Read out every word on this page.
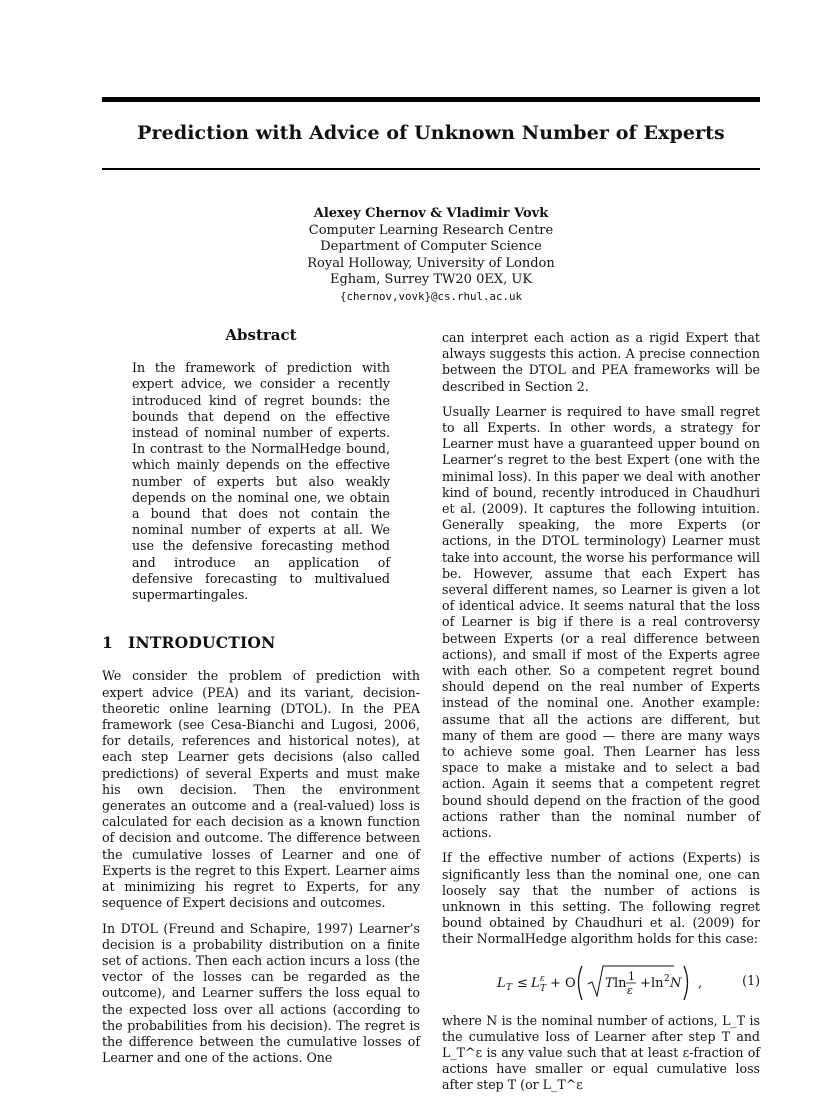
Prediction with Advice of Unknown Number of Experts
Alexey Chernov & Vladimir Vovk
Computer Learning Research Centre
Department of Computer Science
Royal Holloway, University of London
Egham, Surrey TW20 0EX, UK
{chernov,vovk}@cs.rhul.ac.uk
Abstract
In the framework of prediction with expert advice, we consider a recently introduced kind of regret bounds: the bounds that depend on the effective instead of nominal number of experts. In contrast to the NormalHedge bound, which mainly depends on the effective number of experts but also weakly depends on the nominal one, we obtain a bound that does not contain the nominal number of experts at all. We use the defensive forecasting method and introduce an application of defensive forecasting to multivalued supermartingales.
1 INTRODUCTION

We consider the problem of prediction with expert advice (PEA) and its variant, decision-theoretic online learning (DTOL). In the PEA framework (see Cesa-Bianchi and Lugosi, 2006, for details, references and historical notes), at each step Learner gets decisions (also called predictions) of several Experts and must make his own decision. Then the environment generates an outcome and a (real-valued) loss is calculated for each decision as a known function of decision and outcome. The difference between the cumulative losses of Learner and one of Experts is the regret to this Expert. Learner aims at minimizing his regret to Experts, for any sequence of Expert decisions and outcomes.

In DTOL (Freund and Schapire, 1997) Learner’s decision is a probability distribution on a finite set of actions. Then each action incurs a loss (the vector of the losses can be regarded as the outcome), and Learner suffers the loss equal to the expected loss over all actions (according to the probabilities from his decision). The regret is the difference between the cumulative losses of Learner and one of the actions. One

can interpret each action as a rigid Expert that always suggests this action. A precise connection between the DTOL and PEA frameworks will be described in Section 2.

Usually Learner is required to have small regret to all Experts. In other words, a strategy for Learner must have a guaranteed upper bound on Learner’s regret to the best Expert (one with the minimal loss). In this paper we deal with another kind of bound, recently introduced in Chaudhuri et al. (2009). It captures the following intuition. Generally speaking, the more Experts (or actions, in the DTOL terminology) Learner must take into account, the worse his performance will be. However, assume that each Expert has several different names, so Learner is given a lot of identical advice. It seems natural that the loss of Learner is big if there is a real controversy between Experts (or a real difference between actions), and small if most of the Experts agree with each other. So a competent regret bound should depend on the real number of Experts instead of the nominal one. Another example: assume that all the actions are different, but many of them are good — there are many ways to achieve some goal. Then Learner has less space to make a mistake and to select a bad action. Again it seems that a competent regret bound should depend on the fraction of the good actions rather than the nominal number of actions.

If the effective number of actions (Experts) is significantly less than the nominal one, one can loosely say that the number of actions is unknown in this setting. The following regret bound obtained by Chaudhuri et al. (2009) for their NormalHedge algorithm holds for this case:

L T ≤ L ε
T + O T ln 1
ε + ln 2 N ,	(1)

where N is the nominal number of actions, L_T is the cumulative loss of Learner after step T and L_T^ε is any value such that at least ε-fraction of actions have smaller or equal cumulative loss after step T (or L_T^ε
